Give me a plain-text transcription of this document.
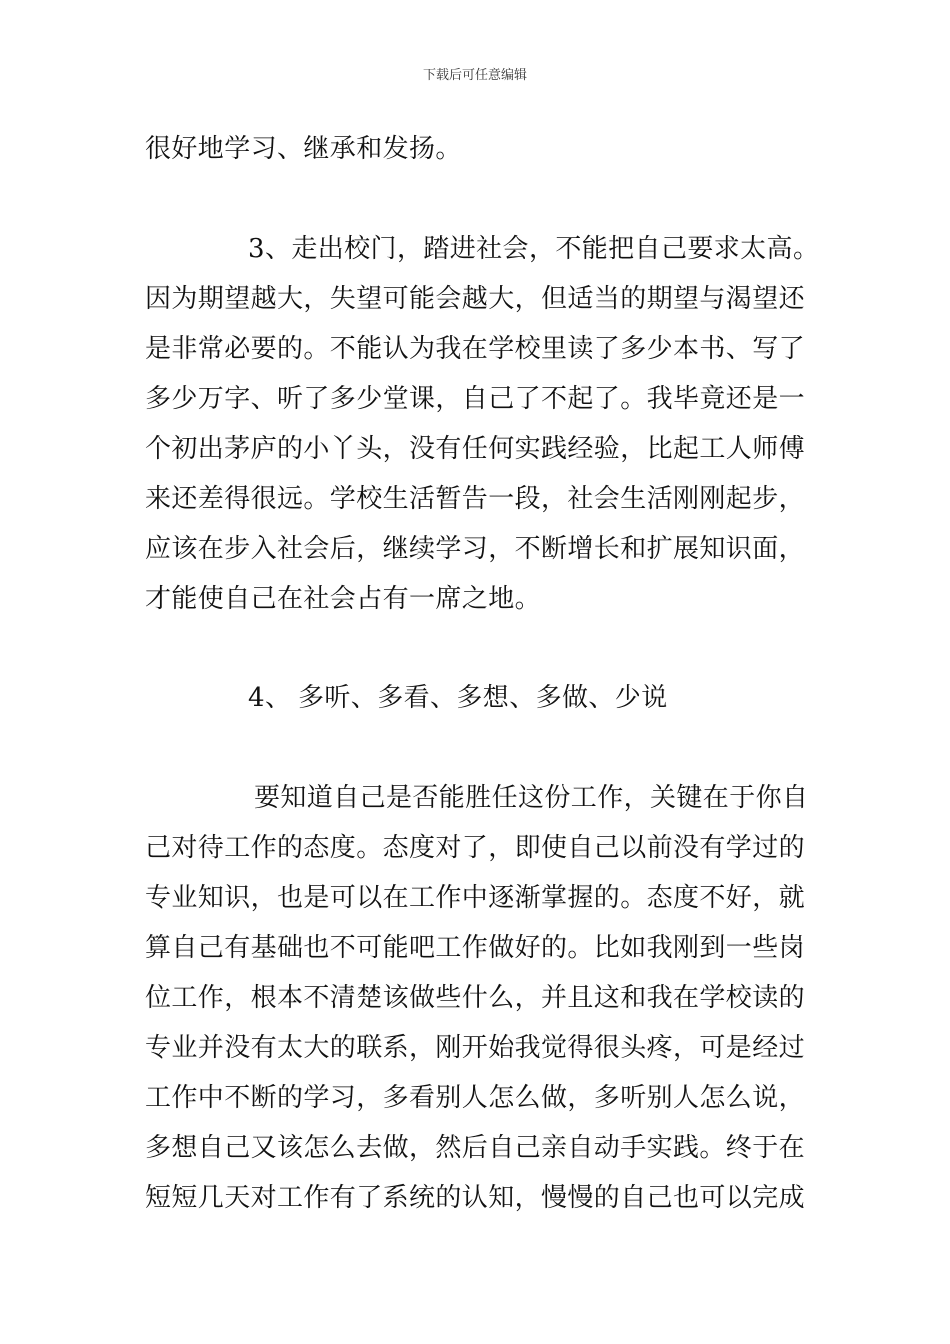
下载后可任意编辑
很好地学习、继承和发扬。
3、走出校门，踏进社会，不能把自己要求太高。
因为期望越大，失望可能会越大，但适当的期望与渴望还
是非常必要的。不能认为我在学校里读了多少本书、写了
多少万字、听了多少堂课，自己了不起了。我毕竟还是一
个初出茅庐的小丫头，没有任何实践经验，比起工人师傅
来还差得很远。学校生活暂告一段，社会生活刚刚起步，
应该在步入社会后，继续学习，不断增长和扩展知识面，
才能使自己在社会占有一席之地。
4、 多听、多看、多想、多做、少说
要知道自己是否能胜任这份工作，关键在于你自
己对待工作的态度。态度对了，即使自己以前没有学过的
专业知识，也是可以在工作中逐渐掌握的。态度不好，就
算自己有基础也不可能吧工作做好的。比如我刚到一些岗
位工作，根本不清楚该做些什么，并且这和我在学校读的
专业并没有太大的联系，刚开始我觉得很头疼，可是经过
工作中不断的学习，多看别人怎么做，多听别人怎么说，
多想自己又该怎么去做，然后自己亲自动手实践。终于在
短短几天对工作有了系统的认知，慢慢的自己也可以完成
